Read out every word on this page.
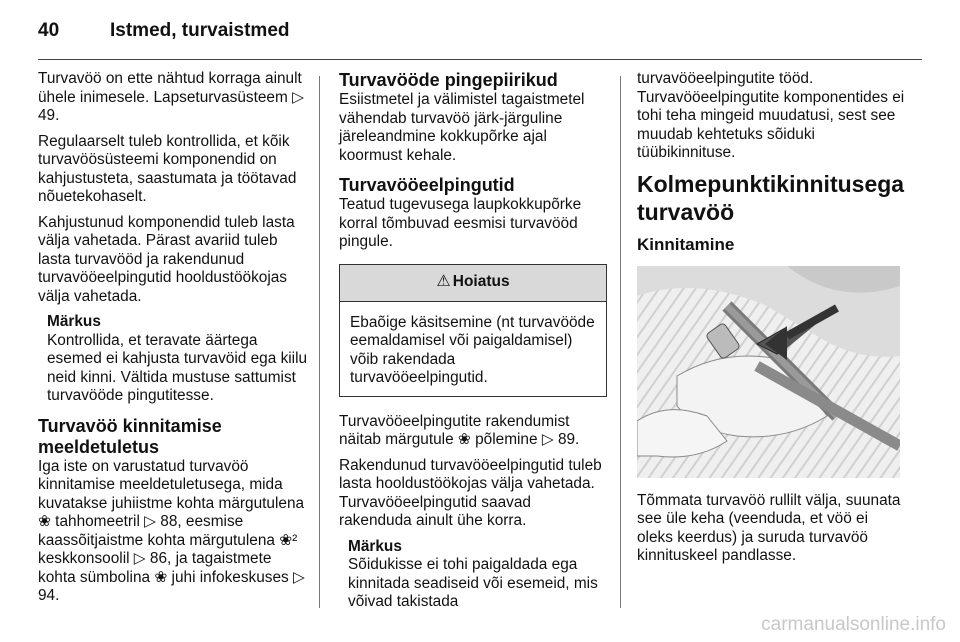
40	Istmed, turvaistmed

Turvavöö on ette nähtud korraga ainult ühele inimesele. Lapseturvasüsteem ▷ 49.

Regulaarselt tuleb kontrollida, et kõik turvavöösüsteemi komponendid on kahjustusteta, saastumata ja töötavad nõuetekohaselt.

Kahjustunud komponendid tuleb lasta välja vahetada. Pärast avariid tuleb lasta turvavööd ja rakendunud turvavööeelpingutid hooldustöökojas välja vahetada.

Märkus
Kontrollida, et teravate äärtega esemed ei kahjusta turvavöid ega kiilu neid kinni. Vältida mustuse sattumist turvavööde pingutitesse.
Turvavöö kinnitamise meeldetuletus

Iga iste on varustatud turvavöö kinnitamise meeldetuletusega, mida kuvatakse juhiistme kohta märgutulena ❀ tahhomeetril ▷ 88, eesmise kaassõitjaistme kohta märgutulena ❀² keskkonsoolil ▷ 86, ja tagaistmete kohta sümbolina ❀ juhi infokeskuses ▷ 94.

Turvavööde pingepiirikud

Esiistmetel ja välimistel tagaistmetel vähendab turvavöö järk-järguline järeleandmine kokkupõrke ajal koormust kehale.

Turvavööeelpingutid

Teatud tugevusega laupkokkupõrke korral tõmbuvad eesmisi turvavööd pingule.

⚠ Hoiatus
Ebaõige käsitsemine (nt turvavööde eemaldamisel või paigaldamisel) võib rakendada turvavööeelpingutid.

Turvavööeelpingutite rakendumist näitab märgutule ❀ põlemine ▷ 89.

Rakendunud turvavööeelpingutid tuleb lasta hooldustöökojas välja vahetada. Turvavööeelpingutid saavad rakenduda ainult ühe korra.

Märkus
Sõidukisse ei tohi paigaldada ega kinnitada seadiseid või esemeid, mis võivad takistada

turvavööeelpingutite tööd. Turvavööeelpingutite komponentides ei tohi teha mingeid muudatusi, sest see muudab kehtetuks sõiduki tüübikinnituse.

Kolmepunktikinnitusega turvavöö
Kinnitamine

Tõmmata turvavöö rullilt välja, suunata see üle keha (veenduda, et vöö ei oleks keerdus) ja suruda turvavöö kinnituskeel pandlasse.

carmanualsonline.info
